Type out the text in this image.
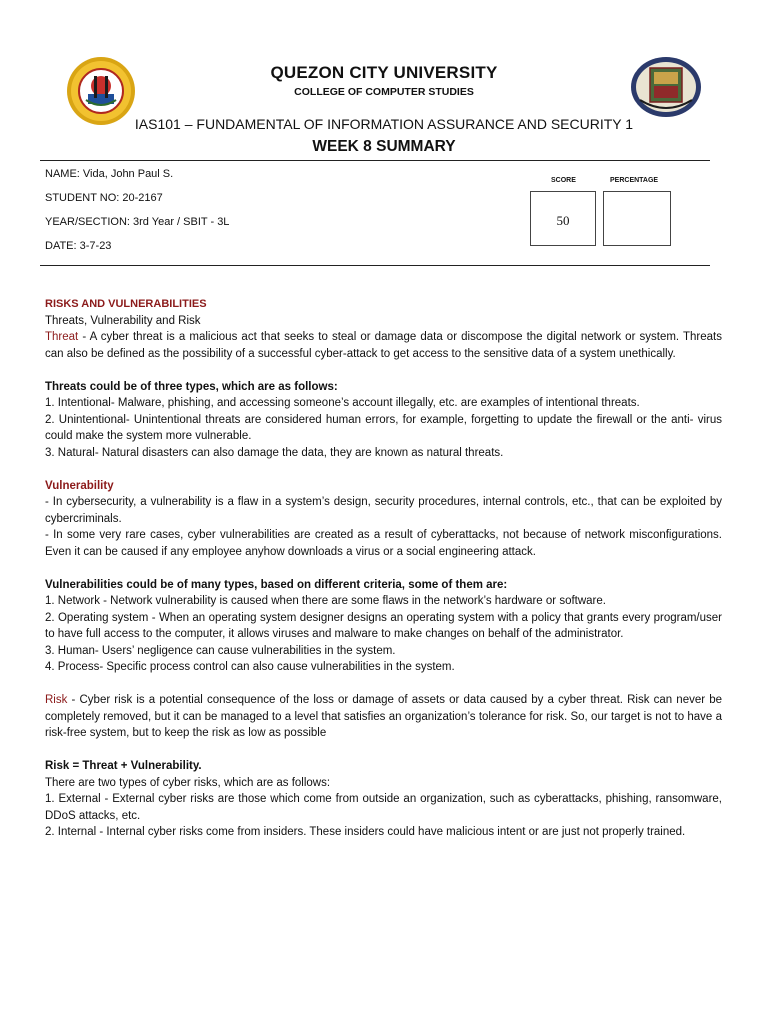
QUEZON CITY UNIVERSITY
COLLEGE OF COMPUTER STUDIES
IAS101 – FUNDAMENTAL OF INFORMATION ASSURANCE AND SECURITY 1
WEEK 8 SUMMARY
NAME: Vida, John Paul S.
STUDENT NO: 20-2167
YEAR/SECTION: 3rd Year / SBIT - 3L
DATE: 3-7-23
SCORE	PERCENTAGE
50

RISKS AND VULNERABILITIES

Threats, Vulnerability and Risk

Threat - A cyber threat is a malicious act that seeks to steal or damage data or discompose the digital network or system. Threats can also be defined as the possibility of a successful cyber-attack to get access to the sensitive data of a system unethically.

Threats could be of three types, which are as follows:

1. Intentional- Malware, phishing, and accessing someone’s account illegally, etc. are examples of intentional threats.

2. Unintentional- Unintentional threats are considered human errors, for example, forgetting to update the firewall or the anti- virus could make the system more vulnerable.

3. Natural- Natural disasters can also damage the data, they are known as natural threats.

Vulnerability

- In cybersecurity, a vulnerability is a flaw in a system’s design, security procedures, internal controls, etc., that can be exploited by cybercriminals.

- In some very rare cases, cyber vulnerabilities are created as a result of cyberattacks, not because of network misconfigurations. Even it can be caused if any employee anyhow downloads a virus or a social engineering attack.

Vulnerabilities could be of many types, based on different criteria, some of them are:

1. Network - Network vulnerability is caused when there are some flaws in the network’s hardware or software.

2. Operating system - When an operating system designer designs an operating system with a policy that grants every program/user to have full access to the computer, it allows viruses and malware to make changes on behalf of the administrator.

3. Human- Users’ negligence can cause vulnerabilities in the system.

4. Process- Specific process control can also cause vulnerabilities in the system.

Risk - Cyber risk is a potential consequence of the loss or damage of assets or data caused by a cyber threat. Risk can never be completely removed, but it can be managed to a level that satisfies an organization’s tolerance for risk. So, our target is not to have a risk-free system, but to keep the risk as low as possible

Risk = Threat + Vulnerability.

There are two types of cyber risks, which are as follows:

1. External - External cyber risks are those which come from outside an organization, such as cyberattacks, phishing, ransomware, DDoS attacks, etc.

2. Internal - Internal cyber risks come from insiders. These insiders could have malicious intent or are just not properly trained.
